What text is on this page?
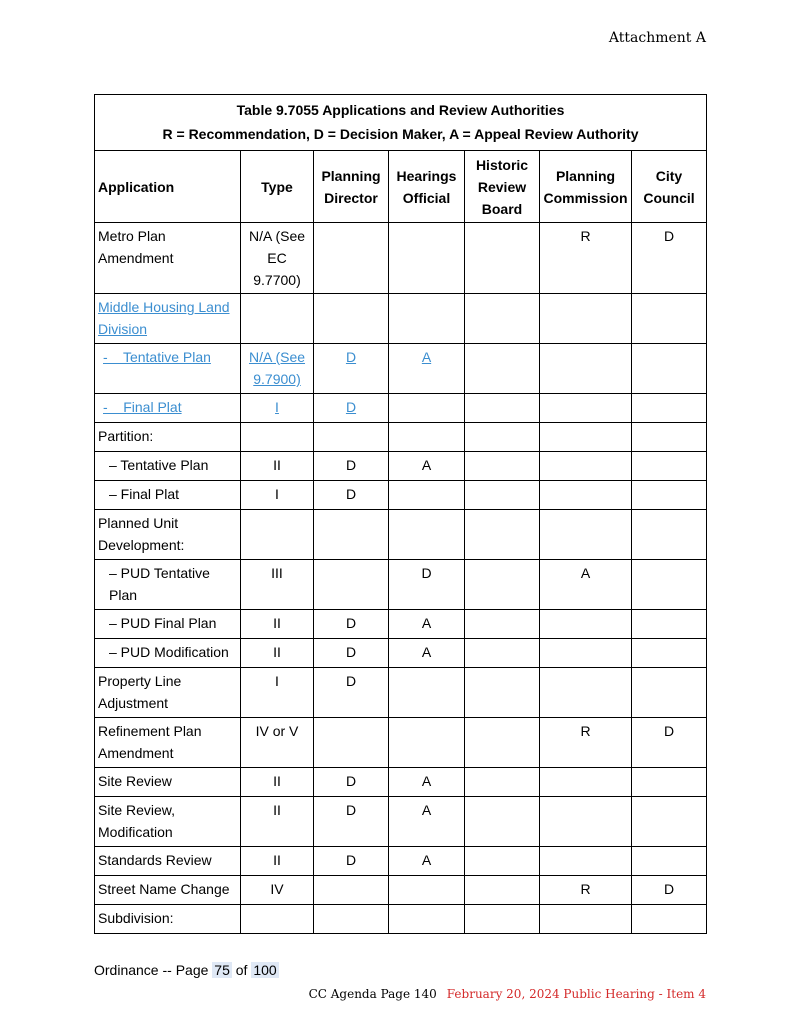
Attachment A
Table 9.7055 Applications and Review Authorities
R = Recommendation, D = Decision Maker, A = Appeal Review Authority						

Application	Type	Planning Director	Hearings Official	Historic Review Board	Planning Commission	City Council
Metro Plan Amendment	N/A (See EC 9.7700)				R	D
Middle Housing Land Division						
-    Tentative Plan	N/A (See 9.7900)	D	A			
-    Final Plat	I	D				
Partition:						
– Tentative Plan	II	D	A			
– Final Plat	I	D				
Planned Unit Development:						
– PUD Tentative Plan	III		D		A	
– PUD Final Plan	II	D	A			
– PUD Modification	II	D	A			
Property Line Adjustment	I	D				
Refinement Plan Amendment	IV or V				R	D
Site Review	II	D	A			
Site Review, Modification	II	D	A			
Standards Review	II	D	A			
Street Name Change	IV				R	D
Subdivision:						
Ordinance -- Page 75 of 100
CC Agenda Page 140 February 20, 2024 Public Hearing - Item 4
